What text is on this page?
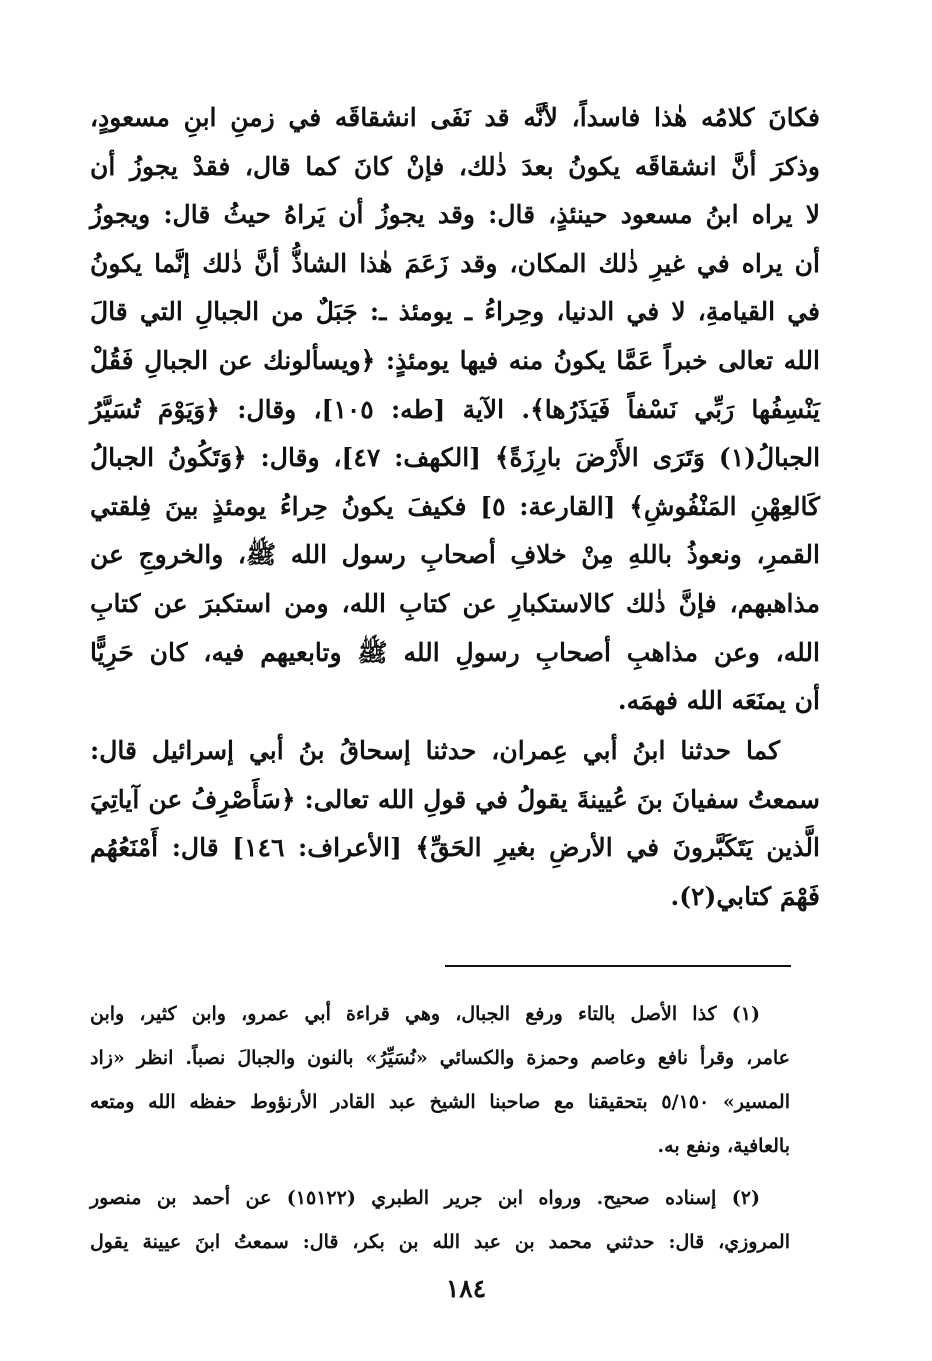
فكانَ كلامُه هٰذا فاسداً، لأنَّه قد نَفَى انشقاقَه في زمنِ ابنِ مسعودٍ،
وذكرَ أنَّ انشقاقَه يكونُ بعدَ ذٰلك، فإنْ كانَ كما قال، فقدْ يجوزُ أن
لا يراه ابنُ مسعود حينئذٍ، قال: وقد يجوزُ أن يَراهُ حيثُ قال: ويجوزُ
أن يراه في غيرِ ذٰلك المكان، وقد زَعَمَ هٰذا الشاذُّ أنَّ ذٰلك إنَّما يكونُ
في القيامةِ، لا في الدنيا، وحِراءُ ـ يومئذ ـ: جَبَلٌ من الجبالِ التي قالَ
الله تعالى خبراً عَمَّا يكونُ منه فيها يومئذٍ: ﴿ويسألونك عن الجبالِ فَقُلْ
يَنْسِفُها رَبِّي نَسْفاً فَيَذَرُها﴾. الآية [طه: ١٠٥]، وقال: ﴿وَيَوْمَ تُسَيَّرُ
الجبالُ(١) وَتَرَى الأَرْضَ بارِزَةً﴾ [الكهف: ٤٧]، وقال: ﴿وَتَكُونُ الجبالُ
كَالعِهْنِ المَنْفُوشِ﴾ [القارعة: ٥] فكيفَ يكونُ حِراءُ يومئذٍ بينَ فِلقتي
القمرِ، ونعوذُ باللهِ مِنْ خلافِ أصحابِ رسول الله ﷺ، والخروجِ عن
مذاهبهم، فإنَّ ذٰلك كالاستكبارِ عن كتابِ الله، ومن استكبرَ عن كتابِ
الله، وعن مذاهبِ أصحابِ رسولِ الله ﷺ وتابعيهم فيه، كان حَرِيًّا
أن يمنَعَه الله فهمَه.
كما حدثنا ابنُ أبي عِمران، حدثنا إسحاقُ بنُ أبي إسرائيل قال:
سمعتُ سفيانَ بنَ عُيينةَ يقولُ في قولِ الله تعالى: ﴿سَأَصْرِفُ عن آياتِيَ
الَّذين يَتَكَبَّرونَ في الأرضِ بغيرِ الحَقِّ﴾ [الأعراف: ١٤٦] قال: أَمْنَعُهُم
فَهْمَ كتابي(٢).
(١) كذا الأصل بالتاء ورفع الجبال، وهي قراءة أبي عمرو، وابن كثير، وابن
عامر، وقرأ نافع وعاصم وحمزة والكسائي «نُسَيِّرُ» بالنون والجبالَ نصباً. انظر «زاد
المسير» ٥/١٥٠ بتحقيقنا مع صاحبنا الشيخ عبد القادر الأرنؤوط حفظه الله ومتعه
بالعافية، ونفع به.
(٢) إسناده صحيح. ورواه ابن جرير الطبري (١٥١٢٢) عن أحمد بن منصور
المروزي، قال: حدثني محمد بن عبد الله بن بكر، قال: سمعتُ ابنَ عيينة يقول
١٨٤
